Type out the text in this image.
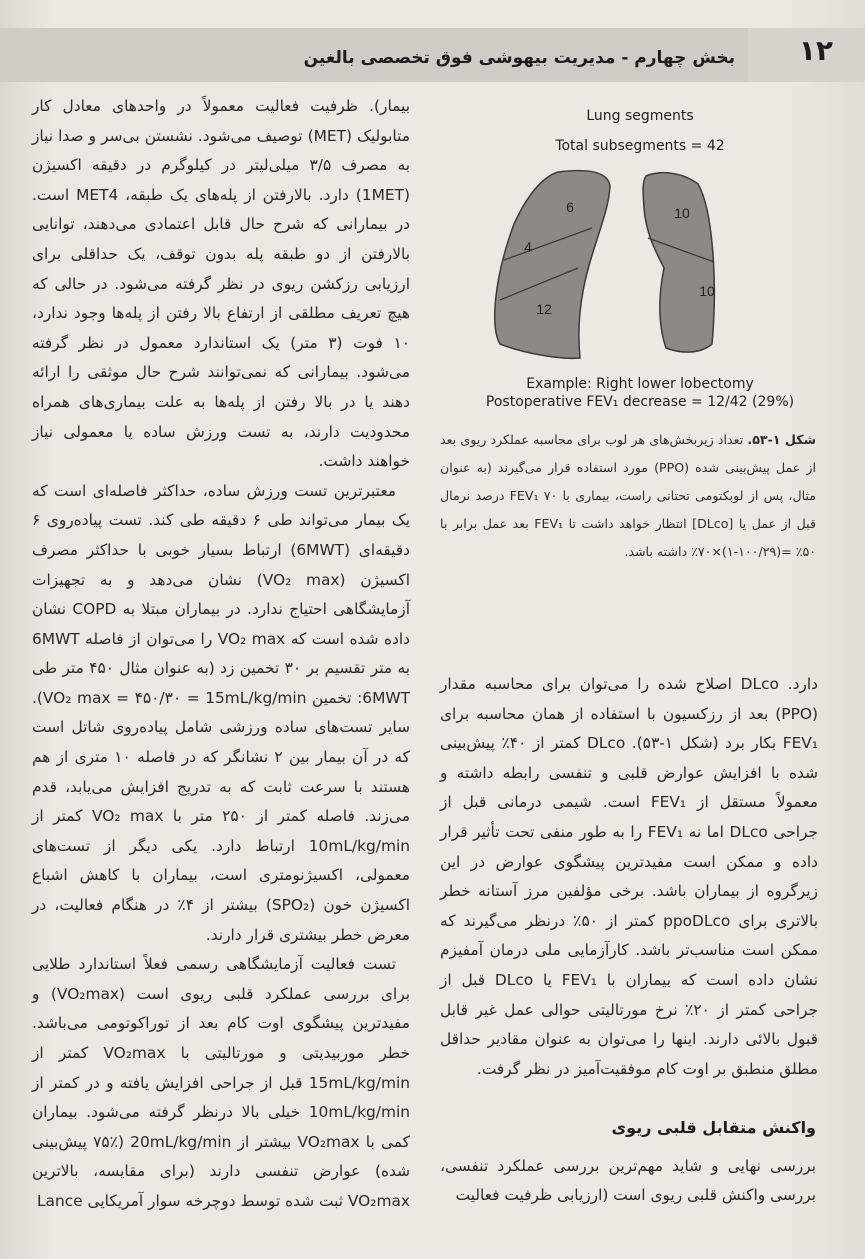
۱۲
بخش چهارم - مدیریت بیهوشی فوق تخصصی بالغین
Lung segments
Total subsegments = 42
6	10
10
4
12
Example: Right lower lobectomy
Postoperative FEV₁ decrease = 12/42 (29%)
شکل ۱-۵۳. تعداد زیربخش‌های هر لوب برای محاسبه عملکرد ریوی بعد از عمل پیش‌بینی شده (PPO) مورد استفاده قرار می‌گیرند (به عنوان مثال، پس از لوبکتومی تحتانی راست، بیماری با FEV₁ ۷۰ درصد نرمال قبل از عمل یا [DLco] انتظار خواهد داشت تا FEV₁ بعد عمل برابر با ۵۰٪ =(۱۰۰/۲۹-۱)×۷۰٪ داشته باشد.

بیمار). ظرفیت فعالیت معمولاً در واحدهای معادل کار متابولیک (MET) توصیف می‌شود. نشستن بی‌سر و صدا نیاز به مصرف ۳/۵ میلی‌لیتر در کیلوگرم در دقیقه اکسیژن (1MET) دارد. بالارفتن از پله‌های یک طبقه، MET4 است. در بیمارانی که شرح حال قابل اعتمادی می‌دهند، توانایی بالارفتن از دو طبقه پله بدون توقف، یک حداقلی برای ارزیابی رزکشن ریوی در نظر گرفته می‌شود. در حالی که هیچ تعریف مطلقی از ارتفاع بالا رفتن از پله‌ها وجود ندارد، ۱۰ فوت (۳ متر) یک استاندارد معمول در نظر گرفته می‌شود. بیمارانی که نمی‌توانند شرح حال موثقی را ارائه دهند یا در بالا رفتن از پله‌ها به علت بیماری‌های همراه محدودیت دارند، به تست ورزش ساده یا معمولی نیاز خواهند داشت.

معتبرترین تست ورزش ساده، حداکثر فاصله‌ای است که یک بیمار می‌تواند طی ۶ دقیقه طی کند. تست پیاده‌روی ۶ دقیقه‌ای (6MWT) ارتباط بسیار خوبی با حداکثر مصرف اکسیژن (VO₂ max) نشان می‌دهد و به تجهیزات آزمایشگاهی احتیاج ندارد. در بیماران مبتلا به COPD نشان داده شده است که VO₂ max را می‌توان از فاصله 6MWT به متر تقسیم بر ۳۰ تخمین زد (به عنوان مثال ۴۵۰ متر طی 6MWT: تخمین VO₂ max = ۴۵۰/۳۰ = 15mL/kg/min). سایر تست‌های ساده ورزشی شامل پیاده‌روی شاتل است که در آن بیمار بین ۲ نشانگر که در فاصله ۱۰ متری از هم هستند با سرعت ثابت که به تدریج افزایش می‌یابد، قدم می‌زند. فاصله کمتر از ۲۵۰ متر با VO₂ max کمتر از 10mL/kg/min ارتباط دارد. یکی دیگر از تست‌های معمولی، اکسیژنومتری است، بیماران با کاهش اشباع اکسیژن خون (SPO₂) بیشتر از ۴٪ در هنگام فعالیت، در معرض خطر بیشتری قرار دارند.

تست فعالیت آزمایشگاهی رسمی فعلاً استاندارد طلایی برای بررسی عملکرد قلبی ریوی است (VO₂max) و مفیدترین پیشگوی اوت کام بعد از توراکوتومی می‌باشد. خطر موربیدیتی و مورتالیتی با VO₂max کمتر از 15mL/kg/min قبل از جراحی افزایش یافته و در کمتر از 10mL/kg/min خیلی بالا درنظر گرفته می‌شود. بیماران کمی با VO₂max بیشتر از 20mL/kg/min (۷۵٪ پیش‌بینی شده) عوارض تنفسی دارند (برای مقایسه، بالاترین VO₂max ثبت شده توسط دوچرخه سوار آمریکایی Lance

دارد. DLco اصلاح شده را می‌توان برای محاسبه مقدار (PPO) بعد از رزکسیون با استفاده از همان محاسبه برای FEV₁ بکار برد (شکل ۱-۵۳). DLco کمتر از ۴۰٪ پیش‌بینی شده با افزایش عوارض قلبی و تنفسی رابطه داشته و معمولاً مستقل از FEV₁ است. شیمی درمانی قبل از جراحی DLco اما نه FEV₁ را به طور منفی تحت تأثیر قرار داده و ممکن است مفیدترین پیشگوی عوارض در این زیرگروه از بیماران باشد. برخی مؤلفین مرز آستانه خطر بالاتری برای ppoDLco کمتر از ۵۰٪ درنظر می‌گیرند که ممکن است مناسب‌تر باشد. کارآزمایی ملی درمان آمفیزم نشان داده است که بیماران با FEV₁ یا DLco قبل از جراحی کمتر از ۲۰٪ نرخ مورتالیتی حوالی عمل غیر قابل قبول بالائی دارند. اینها را می‌توان به عنوان مقادیر حداقل مطلق منطبق بر اوت کام موفقیت‌آمیز در نظر گرفت.

واکنش متقابل قلبی ریوی

بررسی نهایی و شاید مهم‌ترین بررسی عملکرد تنفسی، بررسی واکنش قلبی ریوی است (ارزیابی ظرفیت فعالیت
